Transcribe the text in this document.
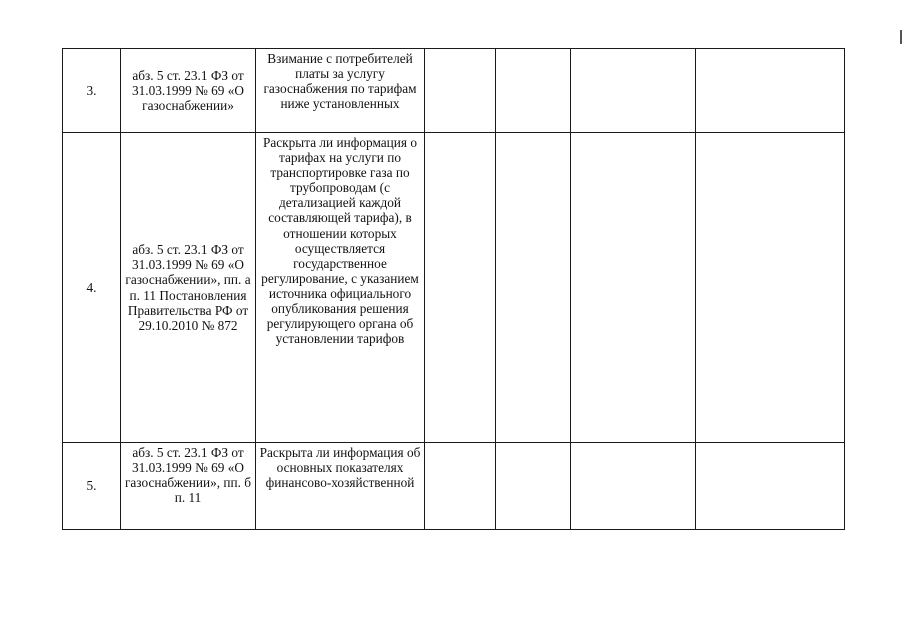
3.	абз. 5 ст. 23.1 ФЗ от 31.03.1999 № 69 «О газоснабжении»	Взимание с потребителей платы за услугу газоснабжения по тарифам ниже установленных				

4.	абз. 5 ст. 23.1 ФЗ от 31.03.1999 № 69 «О газоснабжении», пп. а п. 11 Постановления Правительства РФ от 29.10.2010 № 872	Раскрыта ли информация о тарифах на услуги по транспортировке газа по трубопроводам (с детализацией каждой составляющей тарифа), в отношении которых осуществляется государственное регулирование, с указанием источника официального опубликования решения регулирующего органа об установлении тарифов				

5.	абз. 5 ст. 23.1 ФЗ от 31.03.1999 № 69 «О газоснабжении», пп. б п. 11	Раскрыта ли информация об основных показателях финансово-хозяйственной				
